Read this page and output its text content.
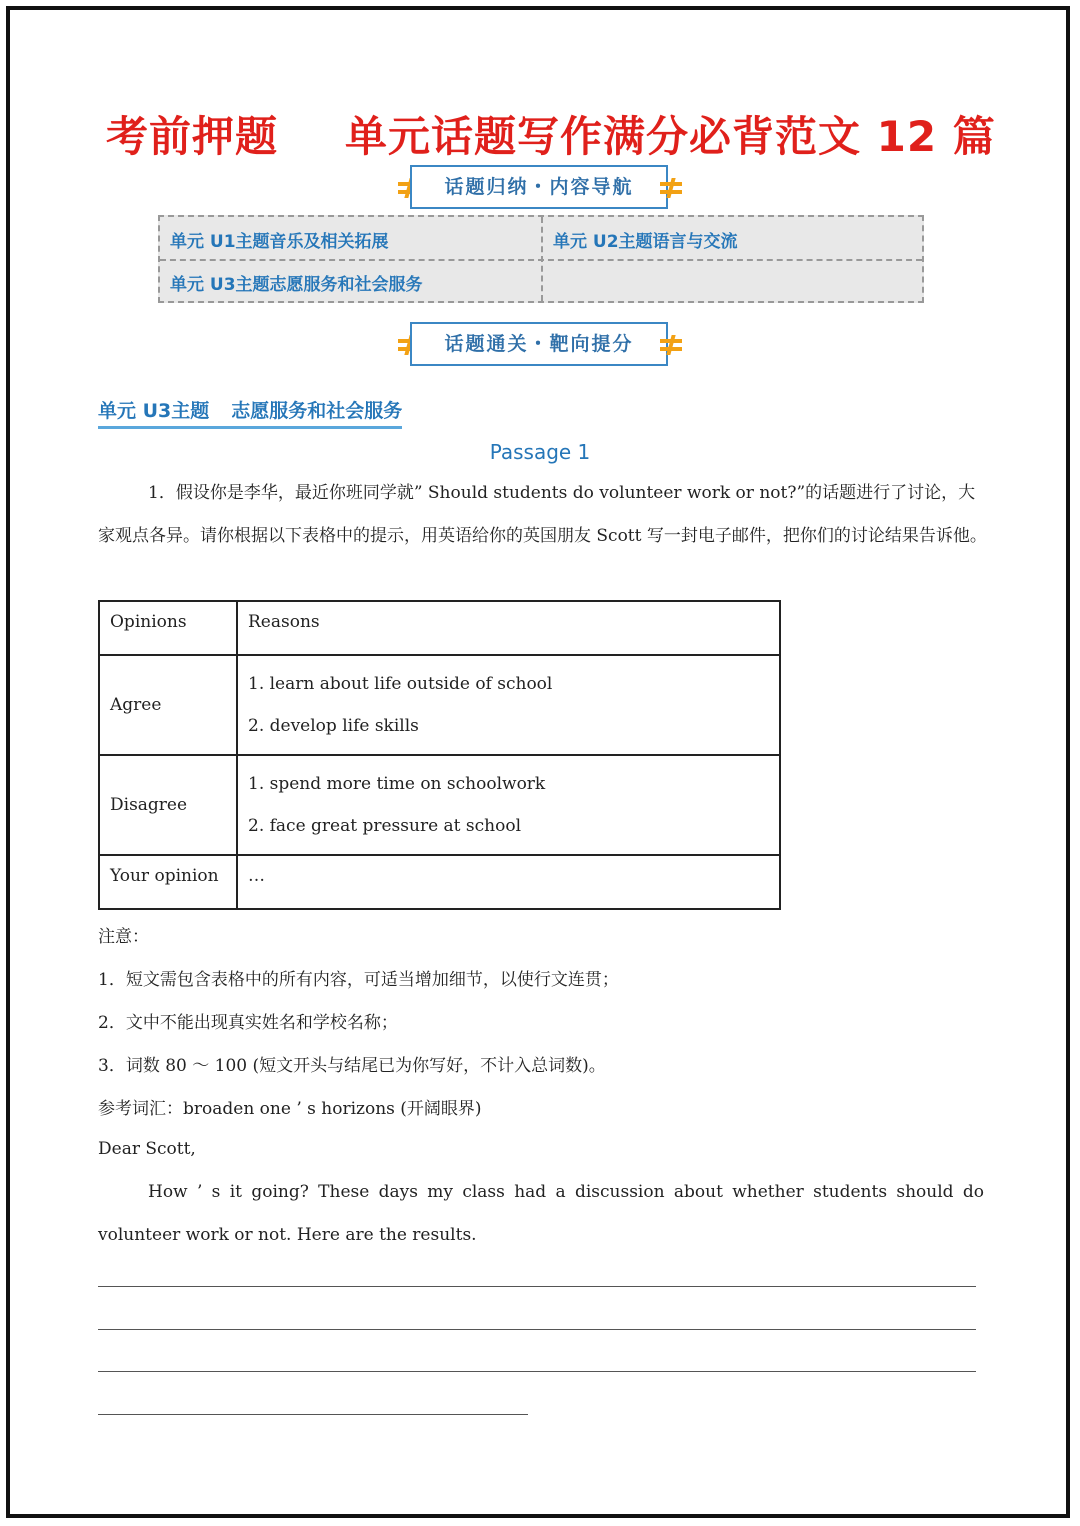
考前押题 单元话题写作满分必背范文 12 篇
话题归纳・内容导航
单元 U1主题音乐及相关拓展	单元 U2主题语言与交流
单元 U3主题志愿服务和社会服务
话题通关・靶向提分
单元 U3主题 志愿服务和社会服务
Passage 1
1．假设你是李华，最近你班同学就” Should students do volunteer work or not?”的话题进行了讨论，大家观点各异。请你根据以下表格中的提示，用英语给你的英国朋友 Scott 写一封电子邮件，把你们的讨论结果告诉他。
Opinions	Reasons
Agree	1. learn about life outside of school
2. develop life skills

Disagree	1. spend more time on schoolwork
2. face great pressure at school

Your opinion	…
注意：
1．短文需包含表格中的所有内容，可适当增加细节，以使行文连贯；
2．文中不能出现真实姓名和学校名称；
3．词数 80 ～ 100 (短文开头与结尾已为你写好，不计入总词数)。
参考词汇：broaden one ’ s horizons (开阔眼界)
Dear Scott,
How ’ s it going? These days my class had a discussion about whether students should do volunteer work or not. Here are the results.
